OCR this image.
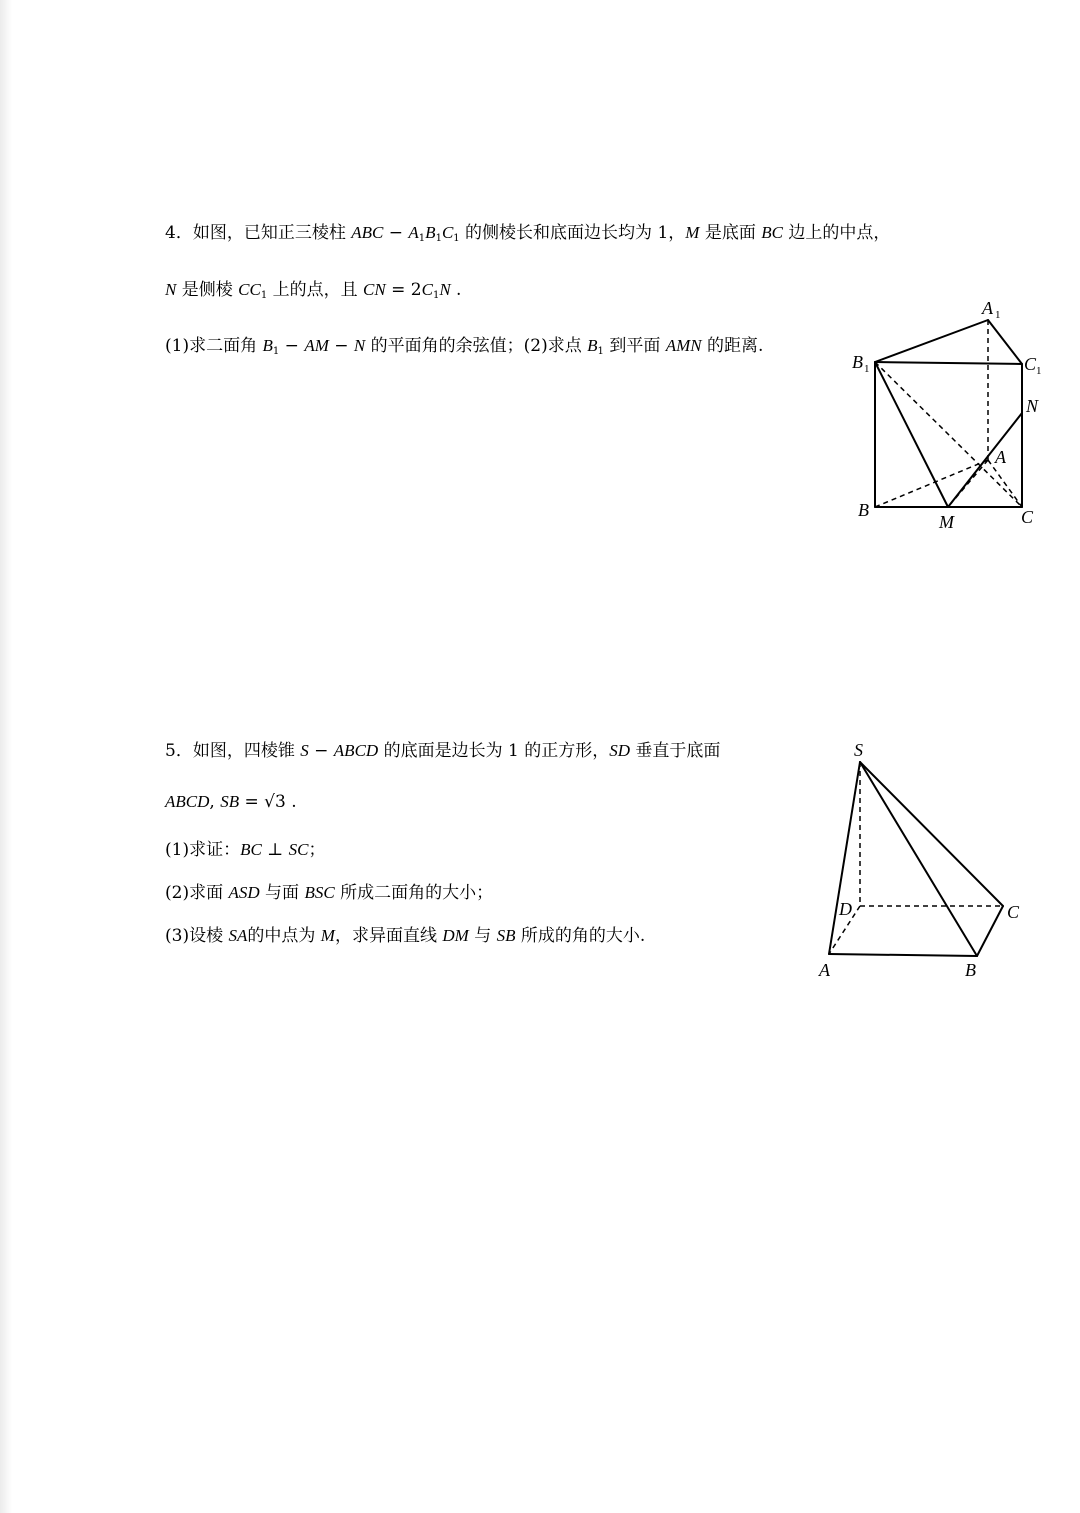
4．如图，已知正三棱柱 ABC − $A_1B_1C_1$ 的侧棱长和底面边长均为 1，M 是底面 BC 边上的中点，
N 是侧棱 $CC_1$ 上的点，且 CN = $2C_1N$ .
(1)求二面角 $B_1$ − AM − N 的平面角的余弦值；(2)求点 $B_1$ 到平面 AMN 的距离.
A 1
B 1	C 1
N
A
B
M	C
5．如图，四棱锥 S − ABCD 的底面是边长为 1 的正方形，SD 垂直于底面
ABCD, SB = √3 .
(1)求证：BC ⊥ SC；
(2)求面 ASD 与面 BSC 所成二面角的大小；
(3)设棱 SA的中点为 M，求异面直线 DM 与 SB 所成的角的大小.
S
D	C
A	B
